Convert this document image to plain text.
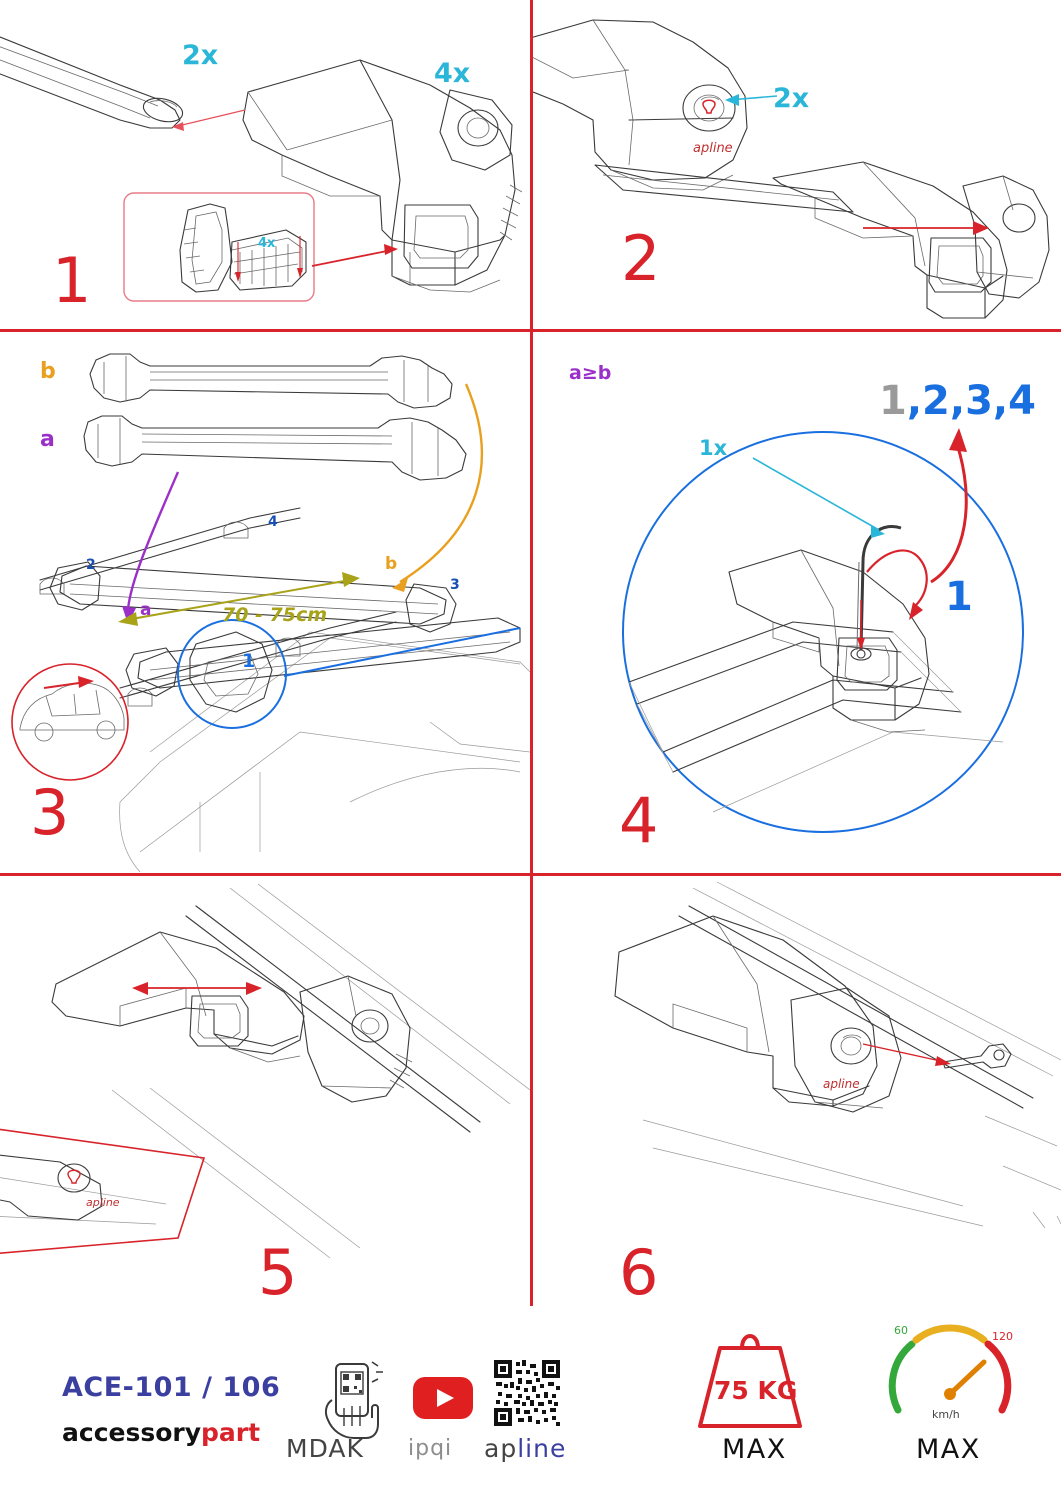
2x
4x
4x
1
apline
2x
2
b
a
a
b
70 - 75cm
1
2
3
4
3
a≥b
1x
1
1,2,3,4
4
apline
5
apline
6
ACE-101 / 106
accessorypart
MDAK ipqi apline
75 KG
MAX
60	120
km/h
MAX
